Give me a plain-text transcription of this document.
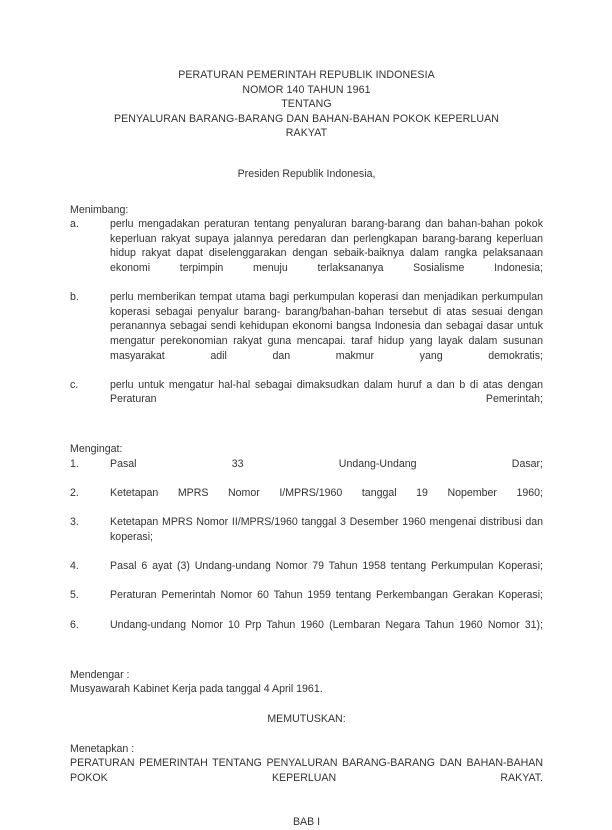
PERATURAN PEMERINTAH REPUBLIK INDONESIA
NOMOR 140 TAHUN 1961
TENTANG
PENYALURAN BARANG-BARANG DAN BAHAN-BAHAN POKOK KEPERLUAN
RAKYAT
Presiden Republik Indonesia,
Menimbang:
a.	perlu mengadakan peraturan tentang penyaluran barang-barang dan bahan-bahan pokok keperluan rakyat supaya jalannya peredaran dan perlengkapan barang-barang keperluan hidup rakyat dapat diselenggarakan dengan sebaik-baiknya dalam rangka pelaksanaan ekonomi terpimpin menuju terlaksananya Sosialisme Indonesia;
b.	perlu memberikan tempat utama bagi perkumpulan koperasi dan menjadikan perkumpulan koperasi sebagai penyalur barang- barang/bahan-bahan tersebut di atas sesuai dengan peranannya sebagai sendi kehidupan ekonomi bangsa Indonesia dan sebagai dasar untuk mengatur perekonomian rakyat guna mencapai. taraf hidup yang layak dalam susunan masyarakat adil dan makmur yang demokratis;
c.	perlu untuk mengatur hal-hal sebagai dimaksudkan dalam huruf a dan b di atas dengan Peraturan Pemerintah;
Mengingat:
1.	Pasal 33 Undang-Undang Dasar;
2.	Ketetapan MPRS Nomor I/MPRS/1960 tanggal 19 Nopember 1960;
3.	Ketetapan MPRS Nomor II/MPRS/1960 tanggal 3 Desember 1960 mengenai distribusi dan koperasi;
4.	Pasal 6 ayat (3) Undang-undang Nomor 79 Tahun 1958 tentang Perkumpulan Koperasi;
5.	Peraturan Pemerintah Nomor 60 Tahun 1959 tentang Perkembangan Gerakan Koperasi;
6.	Undang-undang Nomor 10 Prp Tahun 1960 (Lembaran Negara Tahun 1960 Nomor 31);
Mendengar :
Musyawarah Kabinet Kerja pada tanggal 4 April 1961.
MEMUTUSKAN:
Menetapkan :
PERATURAN PEMERINTAH TENTANG PENYALURAN BARANG-BARANG DAN BAHAN-BAHAN POKOK KEPERLUAN RAKYAT.
BAB I
